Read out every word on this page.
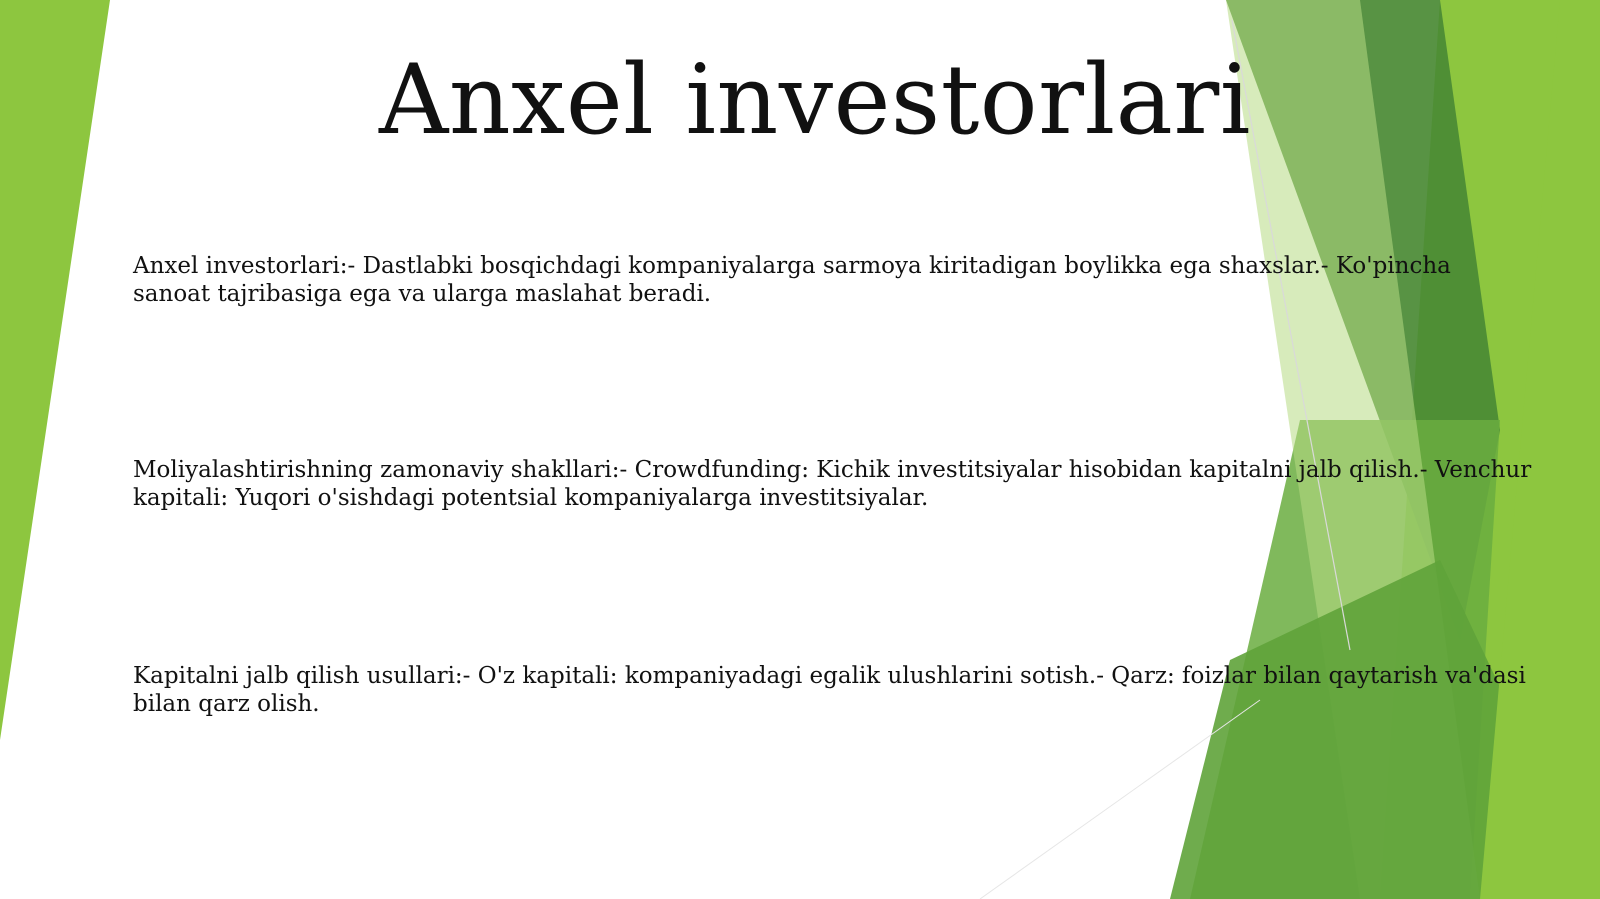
Anxel investorlari

Anxel investorlari:- Dastlabki bosqichdagi kompaniyalarga sarmoya kiritadigan boylikka ega shaxslar.- Ko'pincha sanoat tajribasiga ega va ularga maslahat beradi.

Moliyalashtirishning zamonaviy shakllari:- Crowdfunding: Kichik investitsiyalar hisobidan kapitalni jalb qilish.- Venchur kapitali: Yuqori o'sishdagi potentsial kompaniyalarga investitsiyalar.

Kapitalni jalb qilish usullari:- O'z kapitali: kompaniyadagi egalik ulushlarini sotish.- Qarz: foizlar bilan qaytarish va'dasi bilan qarz olish.
